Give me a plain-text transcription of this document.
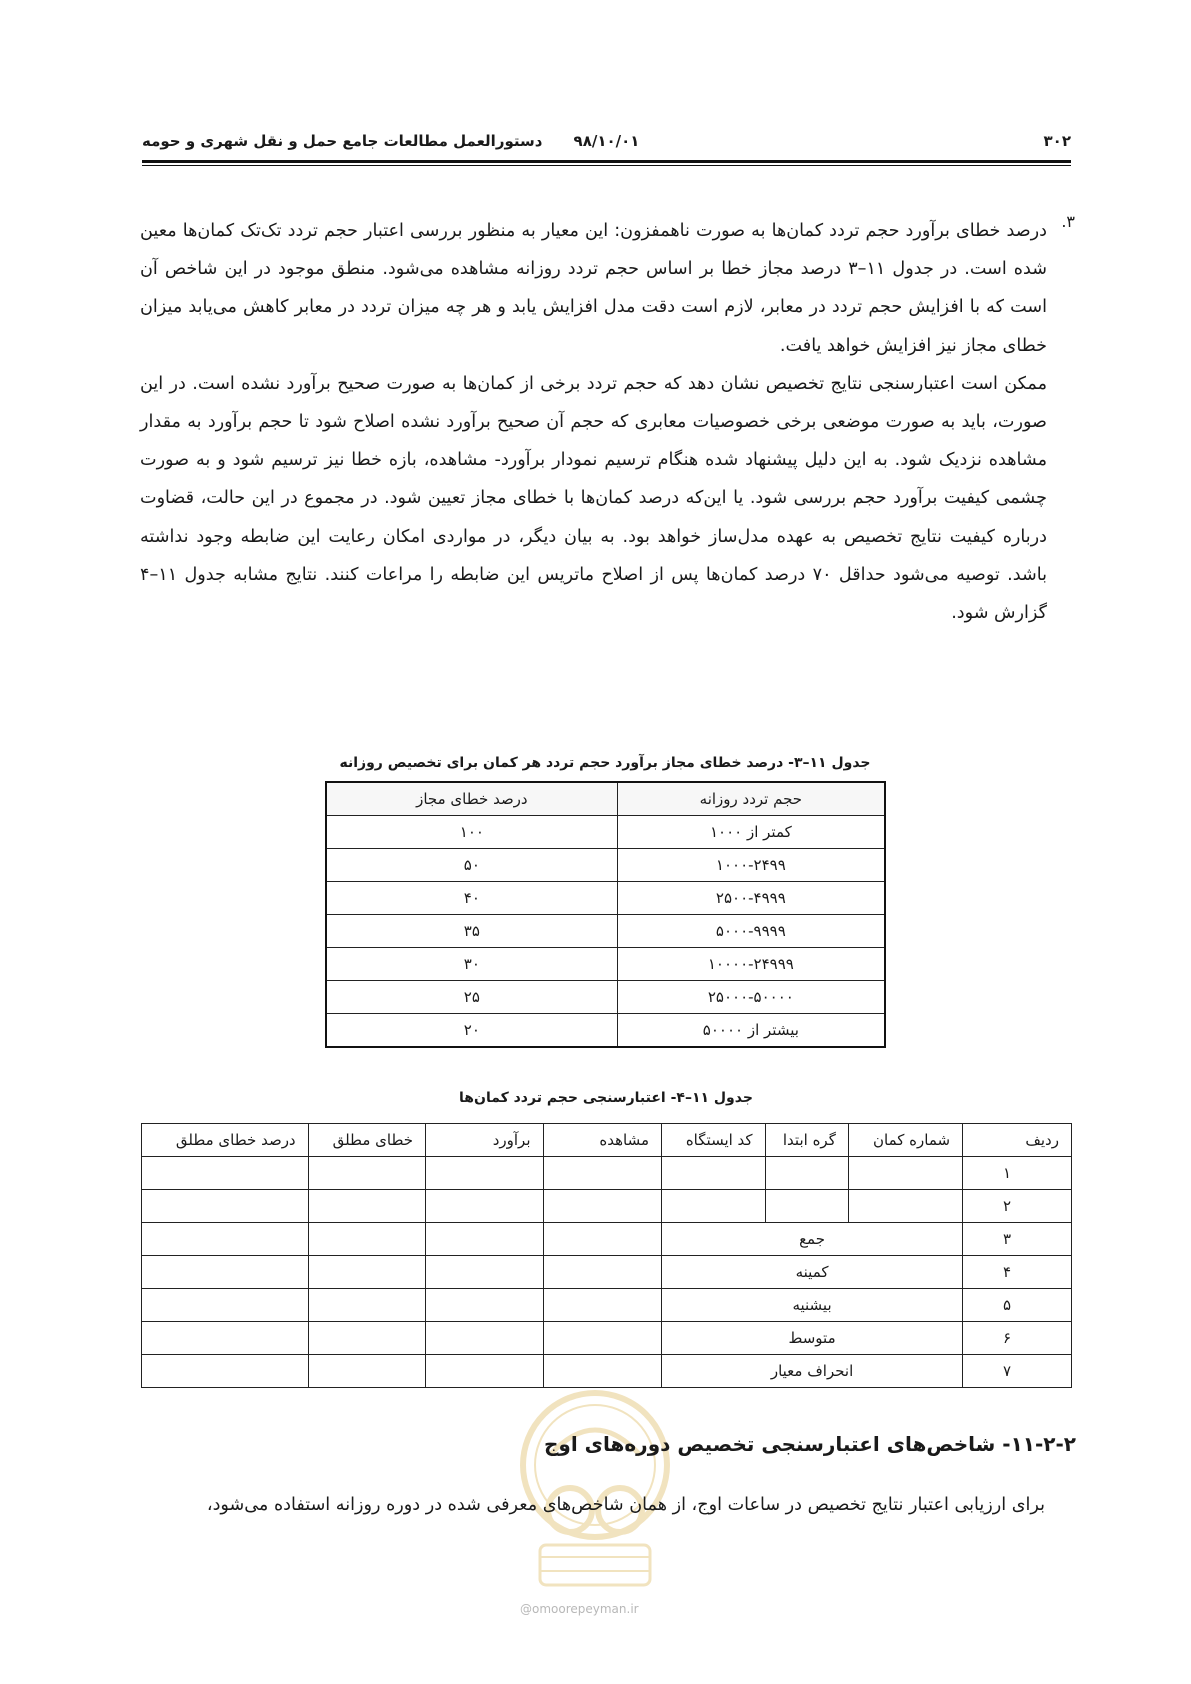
۳۰۲
۹۸/۱۰/۰۱
دستورالعمل مطالعات جامع حمل و نقل شهری و حومه
۳.

درصد خطای برآورد حجم تردد کمان‌ها به صورت ناهمفزون: این معیار به منظور بررسی اعتبار حجم تردد تک‌تک کمان‌ها معین شده است. در جدول ۱۱–۳ درصد مجاز خطا بر اساس حجم تردد روزانه مشاهده می‌شود. منطق موجود در این شاخص آن است که با افزایش حجم تردد در معابر، لازم است دقت مدل افزایش یابد و هر چه میزان تردد در معابر کاهش می‌یابد میزان خطای مجاز نیز افزایش خواهد یافت.

ممکن است اعتبارسنجی نتایج تخصیص نشان دهد که حجم تردد برخی از کمان‌ها به صورت صحیح برآورد نشده است. در این صورت، باید به صورت موضعی برخی خصوصیات معابری که حجم آن صحیح برآورد نشده اصلاح شود تا حجم برآورد به مقدار مشاهده نزدیک شود. به این دلیل پیشنهاد شده هنگام ترسیم نمودار برآورد- مشاهده، بازه خطا نیز ترسیم شود و به صورت چشمی کیفیت برآورد حجم بررسی شود. یا این‌که درصد کمان‌ها با خطای مجاز تعیین شود. در مجموع در این حالت، قضاوت درباره کیفیت نتایج تخصیص به عهده مدل‌ساز خواهد بود. به بیان دیگر، در مواردی امکان رعایت این ضابطه وجود نداشته باشد. توصیه می‌شود حداقل ۷۰ درصد کمان‌ها پس از اصلاح ماتریس این ضابطه را مراعات کنند. نتایج مشابه جدول ۱۱–۴ گزارش شود.

جدول ۱۱–۳- درصد خطای مجاز برآورد حجم تردد هر کمان برای تخصیص روزانه
حجم تردد روزانه	درصد خطای مجاز
کمتر از ۱۰۰۰	۱۰۰
۱۰۰۰-۲۴۹۹	۵۰
۲۵۰۰-۴۹۹۹	۴۰
۵۰۰۰-۹۹۹۹	۳۵
۱۰۰۰۰-۲۴۹۹۹	۳۰
۲۵۰۰۰-۵۰۰۰۰	۲۵
بیشتر از ۵۰۰۰۰	۲۰
جدول ۱۱–۴- اعتبارسنجی حجم تردد کمان‌ها
ردیف	شماره کمان	گره ابتدا	کد ایستگاه	مشاهده	برآورد	خطای مطلق	درصد خطای مطلق
۱							
۲							
۳	جمع						
۴	کمینه						
۵	بیشنیه						
۶	متوسط						
۷	انحراف معیار						
@omoorepeyman.ir
۱۱-۲-۲- شاخص‌های اعتبارسنجی تخصیص دوره‌های اوج
برای ارزیابی اعتبار نتایج تخصیص در ساعات اوج، از همان شاخص‌های معرفی شده در دوره روزانه استفاده می‌شود،
